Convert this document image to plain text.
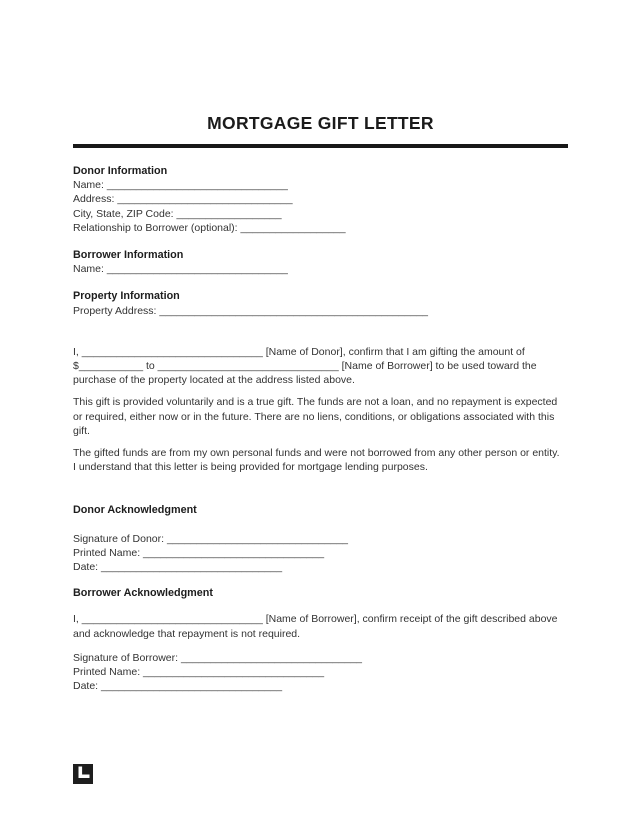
MORTGAGE GIFT LETTER
Donor Information
Name: _______________________________
Address: ______________________________
City, State, ZIP Code: __________________
Relationship to Borrower (optional): __________________
Borrower Information
Name: _______________________________
Property Information
Property Address: ______________________________________________
I, _______________________________ [Name of Donor], confirm that I am gifting the amount of
$___________ to _______________________________ [Name of Borrower] to be used toward the
purchase of the property located at the address listed above.
This gift is provided voluntarily and is a true gift. The funds are not a loan, and no repayment is expected
or required, either now or in the future. There are no liens, conditions, or obligations associated with this
gift.
The gifted funds are from my own personal funds and were not borrowed from any other person or entity.
I understand that this letter is being provided for mortgage lending purposes.
Donor Acknowledgment
Signature of Donor: _______________________________
Printed Name: _______________________________
Date: _______________________________
Borrower Acknowledgment
I, _______________________________ [Name of Borrower], confirm receipt of the gift described above
and acknowledge that repayment is not required.
Signature of Borrower: _______________________________
Printed Name: _______________________________
Date: _______________________________
